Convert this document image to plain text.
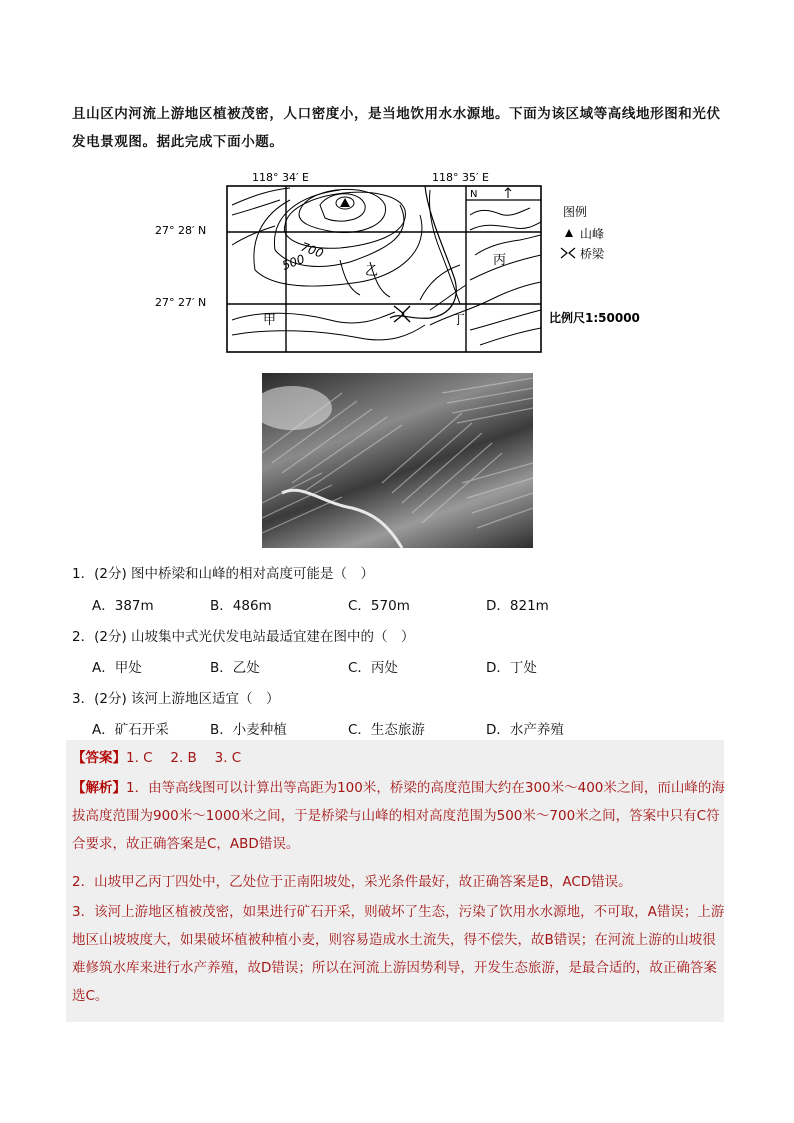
且山区内河流上游地区植被茂密，人口密度小，是当地饮用水水源地。下面为该区域等高线地形图和光伏发电景观图。据此完成下面小题。
118° 34′ E	118° 35′ E
27° 28′ N
27° 27′ N
700
500	乙
丙
甲	丁
N
图例
山峰
桥梁
比例尺1:50000
1．(2分) 图中桥梁和山峰的相对高度可能是（　）
A．387m	B．486m	C．570m	D．821m
2．(2分) 山坡集中式光伏发电站最适宜建在图中的（　）
A．甲处	B．乙处	C．丙处	D．丁处
3．(2分) 该河上游地区适宜（　）
A．矿石开采	B．小麦种植	C．生态旅游	D．水产养殖
【答案】1. C　 2. B　 3. C
【解析】1．由等高线图可以计算出等高距为100米，桥梁的高度范围大约在300米～400米之间，而山峰的海拔高度范围为900米～1000米之间，于是桥梁与山峰的相对高度范围为500米～700米之间，答案中只有C符合要求，故正确答案是C，ABD错误。
2．山坡甲乙丙丁四处中，乙处位于正南阳坡处，采光条件最好，故正确答案是B，ACD错误。
3．该河上游地区植被茂密，如果进行矿石开采，则破坏了生态，污染了饮用水水源地，不可取，A错误；上游地区山坡坡度大，如果破坏植被种植小麦，则容易造成水土流失，得不偿失，故B错误；在河流上游的山坡很难修筑水库来进行水产养殖，故D错误；所以在河流上游因势利导，开发生态旅游，是最合适的，故正确答案选C。
